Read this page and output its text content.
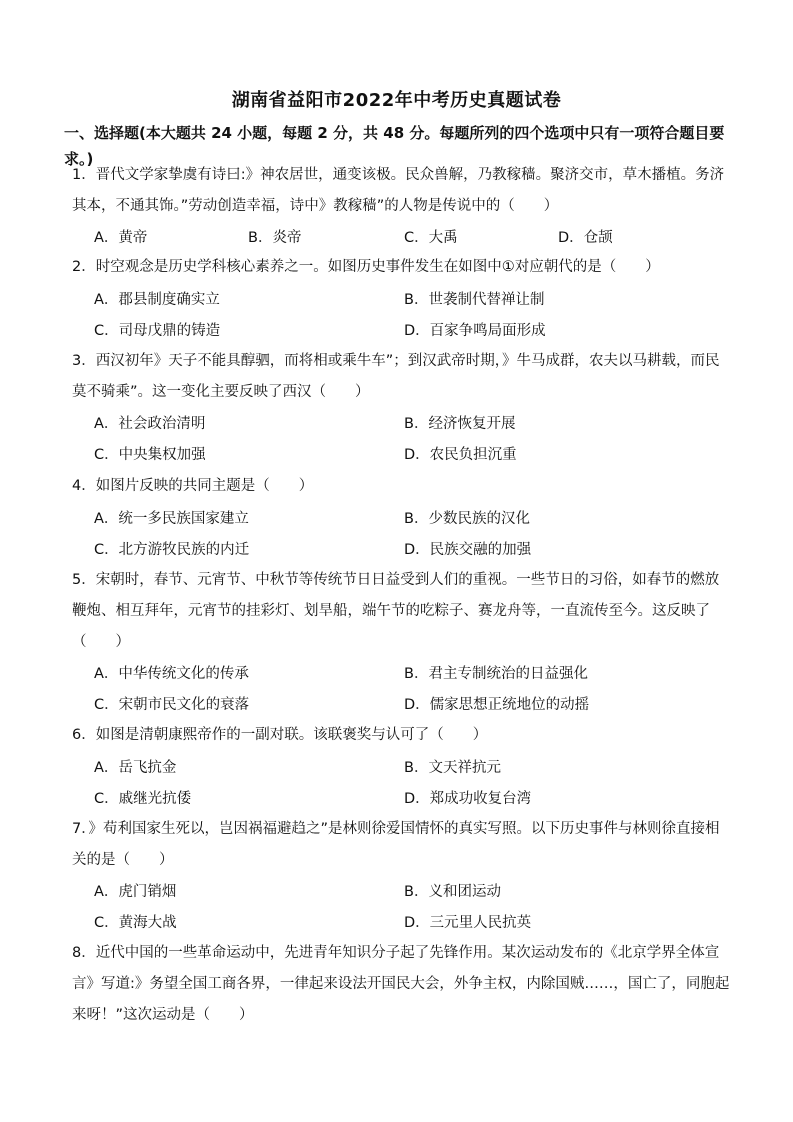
湖南省益阳市2022年中考历史真题试卷
一、选择题(本大题共 24 小题，每题 2 分，共 48 分。每题所列的四个选项中只有一项符合题目要求。)
1．晋代文学家挚虞有诗曰:》神农居世，通变该极。民众兽解，乃教稼穑。聚济交市，草木播植。务济其本，不通其饰。”劳动创造幸福，诗中》教稼穑”的人物是传说中的（　　）
A．黄帝	B．炎帝	C．大禹	D．仓颉
2．时空观念是历史学科核心素养之一。如图历史事件发生在如图中①对应朝代的是（　　）
A．郡县制度确实立	B．世袭制代替禅让制
C．司母戊鼎的铸造	D．百家争鸣局面形成
3．西汉初年》天子不能具醇驷，而将相或乘牛车”；到汉武帝时期，》牛马成群，农夫以马耕载，而民莫不骑乘”。这一变化主要反映了西汉（　　）
A．社会政治清明	B．经济恢复开展
C．中央集权加强	D．农民负担沉重
4．如图片反映的共同主题是（　　）
A．统一多民族国家建立	B．少数民族的汉化
C．北方游牧民族的内迁	D．民族交融的加强
5．宋朝时，春节、元宵节、中秋节等传统节日日益受到人们的重视。一些节日的习俗，如春节的燃放鞭炮、相互拜年，元宵节的挂彩灯、划旱船，端午节的吃粽子、赛龙舟等，一直流传至今。这反映了（　　）
A．中华传统文化的传承	B．君主专制统治的日益强化
C．宋朝市民文化的衰落	D．儒家思想正统地位的动摇
6．如图是清朝康熙帝作的一副对联。该联褒奖与认可了（　　）
A．岳飞抗金	B．文天祥抗元
C．戚继光抗倭	D．郑成功收复台湾
7．》苟利国家生死以，岂因祸福避趋之”是林则徐爱国情怀的真实写照。以下历史事件与林则徐直接相关的是（　　）
A．虎门销烟	B．义和团运动
C．黄海大战	D．三元里人民抗英
8．近代中国的一些革命运动中，先进青年知识分子起了先锋作用。某次运动发布的《北京学界全体宣言》写道:》务望全国工商各界，一律起来设法开国民大会，外争主权，内除国贼……，国亡了，同胞起来呀！”这次运动是（　　）
